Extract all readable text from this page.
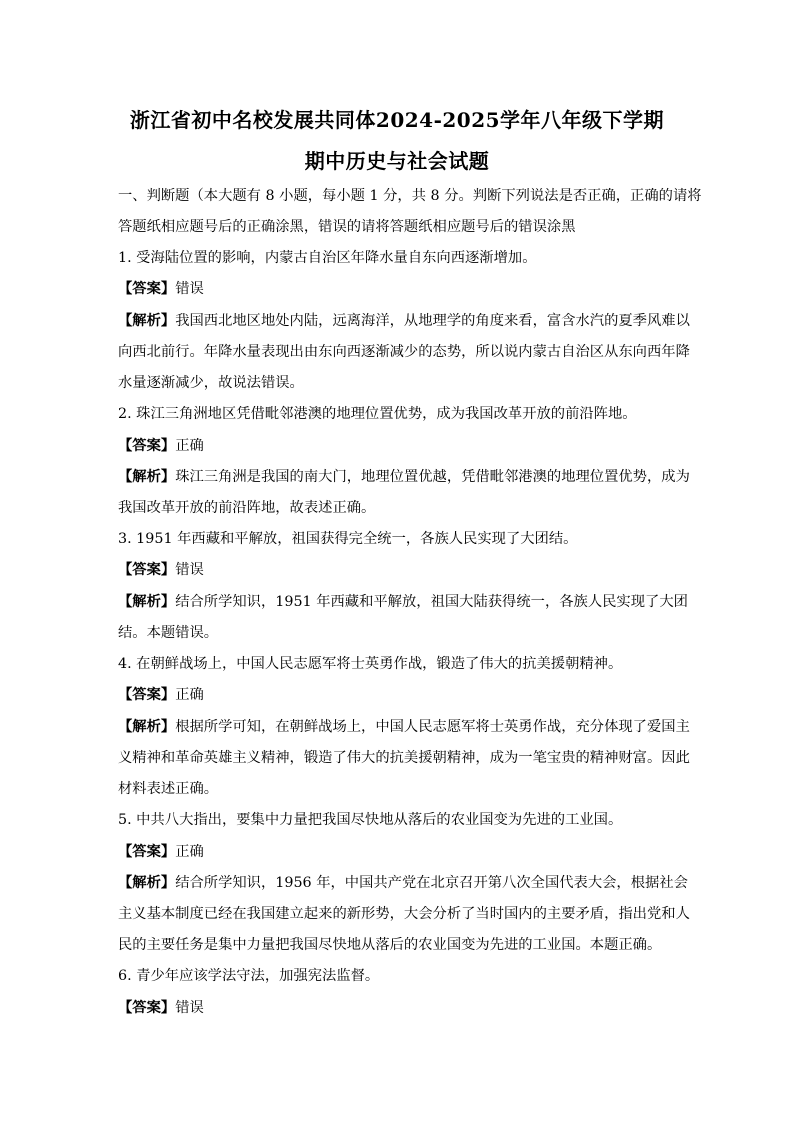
浙江省初中名校发展共同体2024-2025学年八年级下学期
期中历史与社会试题
一、判断题（本大题有 8 小题，每小题 1 分，共 8 分。判断下列说法是否正确，正确的请将
答题纸相应题号后的正确涂黑，错误的请将答题纸相应题号后的错误涂黑
1. 受海陆位置的影响，内蒙古自治区年降水量自东向西逐渐增加。
【答案】错误
【解析】我国西北地区地处内陆，远离海洋，从地理学的角度来看，富含水汽的夏季风难以
向西北前行。年降水量表现出由东向西逐渐减少的态势，所以说内蒙古自治区从东向西年降
水量逐渐减少，故说法错误。
2. 珠江三角洲地区凭借毗邻港澳的地理位置优势，成为我国改革开放的前沿阵地。
【答案】正确
【解析】珠江三角洲是我国的南大门，地理位置优越，凭借毗邻港澳的地理位置优势，成为
我国改革开放的前沿阵地，故表述正确。
3. 1951 年西藏和平解放，祖国获得完全统一，各族人民实现了大团结。
【答案】错误
【解析】结合所学知识，1951 年西藏和平解放，祖国大陆获得统一，各族人民实现了大团
结。本题错误。
4. 在朝鲜战场上，中国人民志愿军将士英勇作战，锻造了伟大的抗美援朝精神。
【答案】正确
【解析】根据所学可知，在朝鲜战场上，中国人民志愿军将士英勇作战，充分体现了爱国主
义精神和革命英雄主义精神，锻造了伟大的抗美援朝精神，成为一笔宝贵的精神财富。因此
材料表述正确。
5. 中共八大指出，要集中力量把我国尽快地从落后的农业国变为先进的工业国。
【答案】正确
【解析】结合所学知识，1956 年，中国共产党在北京召开第八次全国代表大会，根据社会
主义基本制度已经在我国建立起来的新形势，大会分析了当时国内的主要矛盾，指出党和人
民的主要任务是集中力量把我国尽快地从落后的农业国变为先进的工业国。本题正确。
6. 青少年应该学法守法，加强宪法监督。
【答案】错误
